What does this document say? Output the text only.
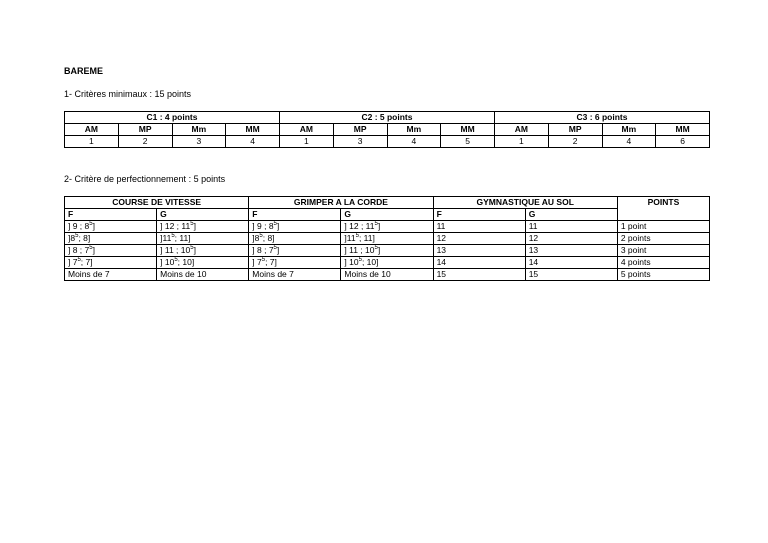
BAREME
1- Critères minimaux : 15 points
C1 : 4 points				C2 : 5 points				C3 : 6 points			
AM	MP	Mm	MM	AM	MP	Mm	MM	AM	MP	Mm	MM
1	2	3	4	1	3	4	5	1	2	4	6
2- Critère de perfectionnement : 5 points
COURSE DE VITESSE		GRIMPER A LA CORDE		GYMNASTIQUE AU SOL		POINTS
F	G	F	G	F	G	
] 9 ; $8^5$]	] 12 ; $11^5$]	] 9 ; $8^5$]	] 12 ; $11^5$]	11	11	1 point
]$8^5$; 8]	]$11^5$; 11]	]$8^5$; 8]	]$11^5$; 11]	12	12	2 points
] 8 ; $7^5$]	] 11 ; $10^5$]	] 8 ; $7^5$]	] 11 ; $10^5$]	13	13	3 point
] $7^5$; 7]	] $10^5$; 10]	] $7^5$; 7]	] $10^5$; 10]	14	14	4 points
Moins de 7	Moins de 10	Moins de 7	Moins de 10	15	15	5 points
